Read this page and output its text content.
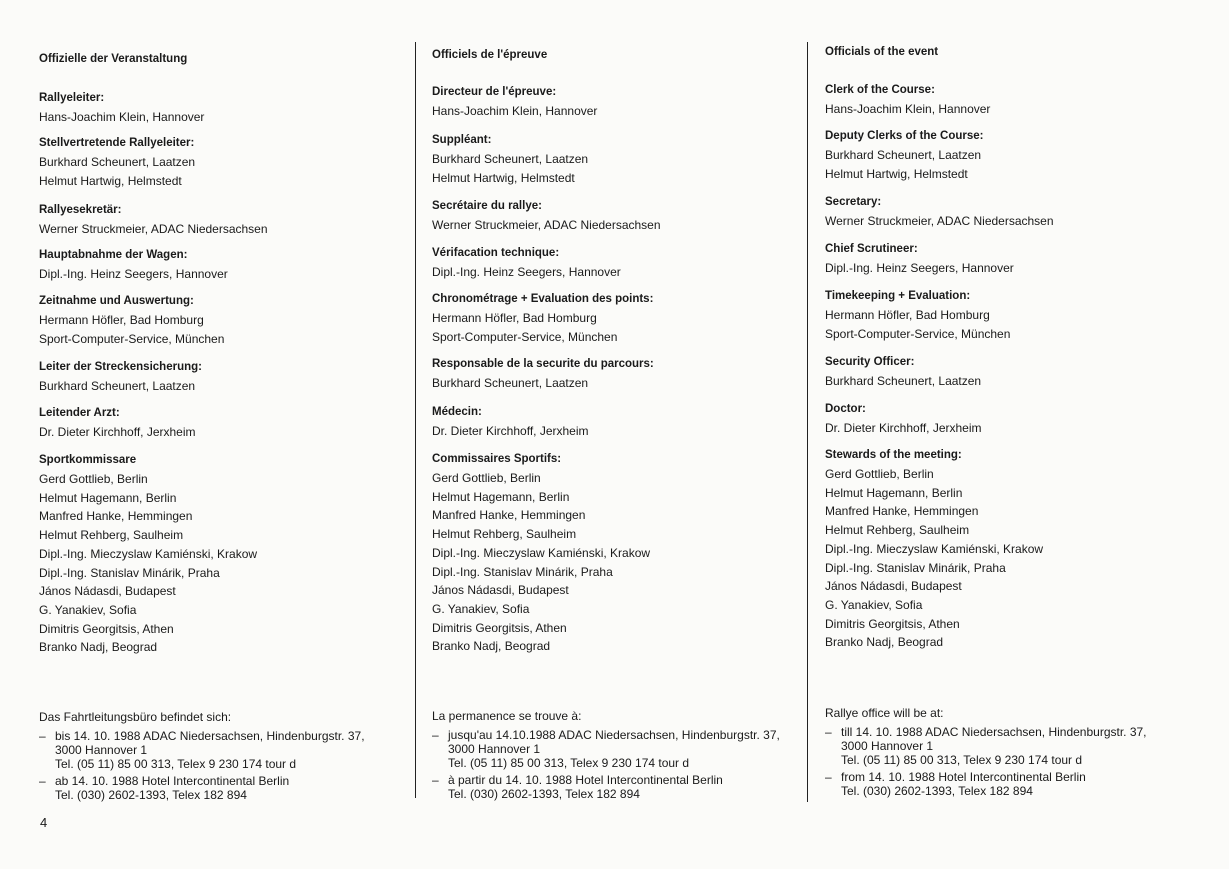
Offizielle der Veranstaltung
Rallyeleiter:
Hans-Joachim Klein, Hannover
Stellvertretende Rallyeleiter:
Burkhard Scheunert, Laatzen
Helmut Hartwig, Helmstedt
Rallyesekretär:
Werner Struckmeier, ADAC Niedersachsen
Hauptabnahme der Wagen:
Dipl.-Ing. Heinz Seegers, Hannover
Zeitnahme und Auswertung:
Hermann Höfler, Bad Homburg
Sport-Computer-Service, München
Leiter der Streckensicherung:
Burkhard Scheunert, Laatzen
Leitender Arzt:
Dr. Dieter Kirchhoff, Jerxheim
Sportkommissare
Gerd Gottlieb, Berlin
Helmut Hagemann, Berlin
Manfred Hanke, Hemmingen
Helmut Rehberg, Saulheim
Dipl.-Ing. Mieczyslaw Kamiénski, Krakow
Dipl.-Ing. Stanislav Minárik, Praha
János Nádasdi, Budapest
G. Yanakiev, Sofia
Dimitris Georgitsis, Athen
Branko Nadj, Beograd
Das Fahrtleitungsbüro befindet sich:
– bis 14. 10. 1988 ADAC Niedersachsen, Hindenburgstr. 37,
3000 Hannover 1
Tel. (05 11) 85 00 313, Telex 9 230 174 tour d
– ab 14. 10. 1988 Hotel Intercontinental Berlin
Tel. (030) 2602-1393, Telex 182 894
Officiels de l'épreuve
Directeur de l'épreuve:
Hans-Joachim Klein, Hannover
Suppléant:
Burkhard Scheunert, Laatzen
Helmut Hartwig, Helmstedt
Secrétaire du rallye:
Werner Struckmeier, ADAC Niedersachsen
Vérifacation technique:
Dipl.-Ing. Heinz Seegers, Hannover
Chronométrage + Evaluation des points:
Hermann Höfler, Bad Homburg
Sport-Computer-Service, München
Responsable de la securite du parcours:
Burkhard Scheunert, Laatzen
Médecin:
Dr. Dieter Kirchhoff, Jerxheim
Commissaires Sportifs:
Gerd Gottlieb, Berlin
Helmut Hagemann, Berlin
Manfred Hanke, Hemmingen
Helmut Rehberg, Saulheim
Dipl.-Ing. Mieczyslaw Kamiénski, Krakow
Dipl.-Ing. Stanislav Minárik, Praha
János Nádasdi, Budapest
G. Yanakiev, Sofia
Dimitris Georgitsis, Athen
Branko Nadj, Beograd
La permanence se trouve à:
– jusqu'au 14.10.1988 ADAC Niedersachsen, Hindenburgstr. 37,
3000 Hannover 1
Tel. (05 11) 85 00 313, Telex 9 230 174 tour d
– à partir du 14. 10. 1988 Hotel Intercontinental Berlin
Tel. (030) 2602-1393, Telex 182 894
Officials of the event
Clerk of the Course:
Hans-Joachim Klein, Hannover
Deputy Clerks of the Course:
Burkhard Scheunert, Laatzen
Helmut Hartwig, Helmstedt
Secretary:
Werner Struckmeier, ADAC Niedersachsen
Chief Scrutineer:
Dipl.-Ing. Heinz Seegers, Hannover
Timekeeping + Evaluation:
Hermann Höfler, Bad Homburg
Sport-Computer-Service, München
Security Officer:
Burkhard Scheunert, Laatzen
Doctor:
Dr. Dieter Kirchhoff, Jerxheim
Stewards of the meeting:
Gerd Gottlieb, Berlin
Helmut Hagemann, Berlin
Manfred Hanke, Hemmingen
Helmut Rehberg, Saulheim
Dipl.-Ing. Mieczyslaw Kamiénski, Krakow
Dipl.-Ing. Stanislav Minárik, Praha
János Nádasdi, Budapest
G. Yanakiev, Sofia
Dimitris Georgitsis, Athen
Branko Nadj, Beograd
Rallye office will be at:
– till 14. 10. 1988 ADAC Niedersachsen, Hindenburgstr. 37,
3000 Hannover 1
Tel. (05 11) 85 00 313, Telex 9 230 174 tour d
– from 14. 10. 1988 Hotel Intercontinental Berlin
Tel. (030) 2602-1393, Telex 182 894
4
